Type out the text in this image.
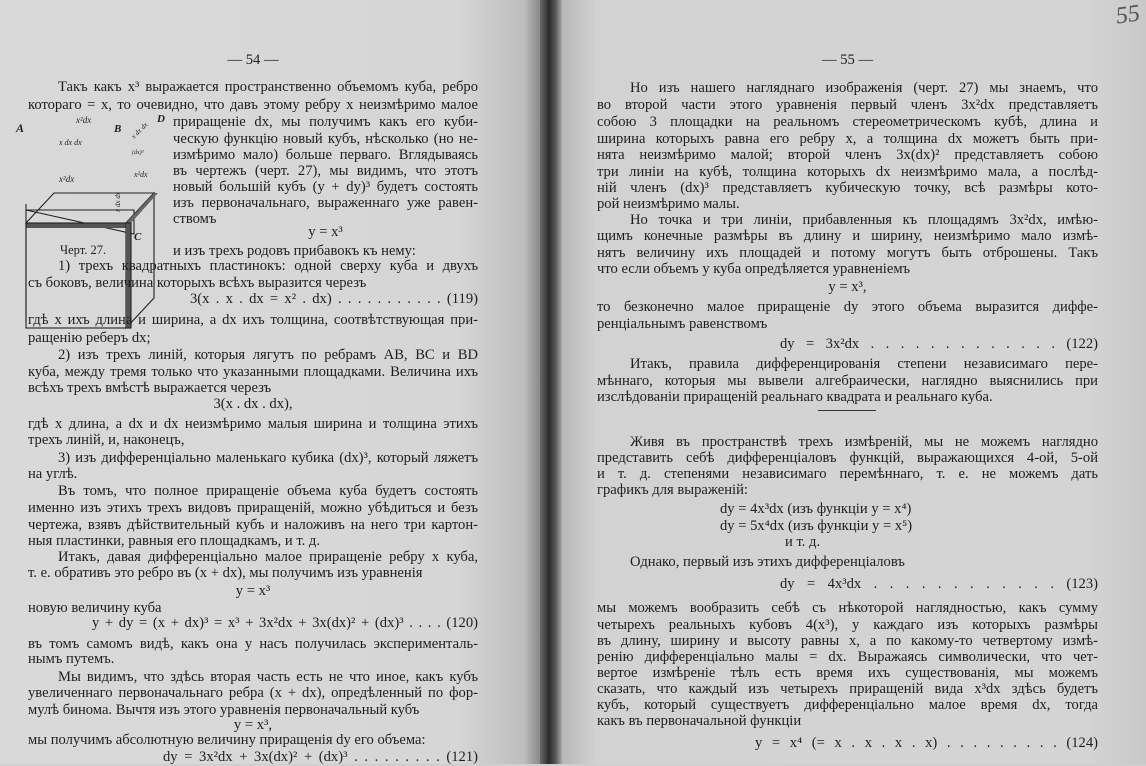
55
A	B
D
C
x²dx
x dx dx
x²dx	x²dx
x dx dx
x dx dx
(dx)³
Черт. 27.
— 54 —
Такъ какъ x³ выражается пространственно объемомъ куба, ребро
котораго = x, то очевидно, что давъ этому ребру x неизмѣримо малое
приращеніе dx, мы получимъ какъ его куби-
ческую функцію новый кубъ, нѣсколько (но не-
измѣримо мало) больше перваго. Вглядываясь
въ чертежъ (черт. 27), мы видимъ, что этотъ
новый большій кубъ (y + dy)³ будетъ состоять
изъ первоначальнаго, выраженнаго уже равен-
ствомъ
y = x³
и изъ трехъ родовъ прибавокъ къ нему:
1) трехъ квадратныхъ пластинокъ: одной сверху куба и двухъ
съ боковъ, величина которыхъ всѣхъ выразится черезъ
3(x . x . dx = x² . dx) . . . . . . . . . . . (119)
гдѣ x ихъ длина и ширина, а dx ихъ толщина, соотвѣтствующая при-
ращенію реберъ dx;
2) изъ трехъ линій, которыя лягутъ по ребрамъ AB, BC и BD
куба, между тремя только что указанными площадками. Величина ихъ
всѣхъ трехъ вмѣстѣ выражается черезъ
3(x . dx . dx),
гдѣ x длина, а dx и dx неизмѣримо малыя ширина и толщина этихъ
трехъ линій, и, наконецъ,
3) изъ дифференціально маленькаго кубика (dx)³, который ляжетъ
на углѣ.
Въ томъ, что полное приращеніе объема куба будетъ состоять
именно изъ этихъ трехъ видовъ приращеній, можно убѣдиться и безъ
чертежа, взявъ дѣйствительный кубъ и наложивъ на него три картон-
ныя пластинки, равныя его площадкамъ, и т. д.
Итакъ, давая дифференціально малое приращеніе ребру x куба,
т. е. обративъ это ребро въ (x + dx), мы получимъ изъ уравненія
y = x³
новую величину куба
y + dy = (x + dx)³ = x³ + 3x²dx + 3x(dx)² + (dx)³ . . . . (120)
въ томъ самомъ видѣ, какъ она у насъ получилась эксперименталь-
нымъ путемъ.
Мы видимъ, что здѣсь вторая часть есть не что иное, какъ кубъ
увеличеннаго первоначальнаго ребра (x + dx), опредѣленный по фор-
мулѣ бинома. Вычтя изъ этого уравненія первоначальный кубъ
y = x³,
мы получимъ абсолютную величину приращенія dy его объема:
dy = 3x²dx + 3x(dx)² + (dx)³ . . . . . . . . . (121)
— 55 —
Но изъ нашего нагляднаго изображенія (черт. 27) мы знаемъ, что
во второй части этого уравненія первый членъ 3x²dx представляетъ
собою 3 площадки на реальномъ стереометрическомъ кубѣ, длина и
ширина которыхъ равна его ребру x, а толщина dx можетъ быть при-
нята неизмѣримо малой; второй членъ 3x(dx)² представляетъ собою
три линіи на кубѣ, толщина которыхъ dx неизмѣримо мала, а послѣд-
ній членъ (dx)³ представляетъ кубическую точку, всѣ размѣры кото-
рой неизмѣримо малы.
Но точка и три линіи, прибавленныя къ площадямъ 3x²dx, имѣю-
щимъ конечные размѣры въ длину и ширину, неизмѣримо мало измѣ-
нятъ величину ихъ площадей и потому могутъ быть отброшены. Такъ
что если объемъ y куба опредѣляется уравненіемъ
y = x³,
то безконечно малое приращеніе dy этого объема выразится диффе-
ренціальнымъ равенствомъ
dy = 3x²dx . . . . . . . . . . . . . (122)
Итакъ, правила дифференцированія степени независимаго пере-
мѣннаго, которыя мы вывели алгебраически, наглядно выяснились при
изслѣдованіи приращеній реальнаго квадрата и реальнаго куба.
Живя въ пространствѣ трехъ измѣреній, мы не можемъ наглядно
представить себѣ дифференціаловъ функцій, выражающихся 4-ой, 5-ой
и т. д. степенями независимаго перемѣннаго, т. е. не можемъ дать
графикъ для выраженій:
dy = 4x³dx (изъ функціи y = x⁴)
dy = 5x⁴dx (изъ функціи y = x⁵)
и т. д.
Однако, первый изъ этихъ дифференціаловъ
dy = 4x³dx . . . . . . . . . . . . (123)
мы можемъ вообразить себѣ съ нѣкоторой наглядностью, какъ сумму
четырехъ реальныхъ кубовъ 4(x³), у каждаго изъ которыхъ размѣры
въ длину, ширину и высоту равны x, а по какому-то четвертому измѣ-
ренію дифференціально малы = dx. Выражаясь символически, что чет-
вертое измѣреніе тѣлъ есть время ихъ существованія, мы можемъ
сказать, что каждый изъ четырехъ приращеній вида x³dx здѣсь будетъ
кубъ, который существуетъ дифференціально малое время dx, тогда
какъ въ первоначальной функціи
y = x⁴ (= x . x . x . x) . . . . . . . . . (124)
